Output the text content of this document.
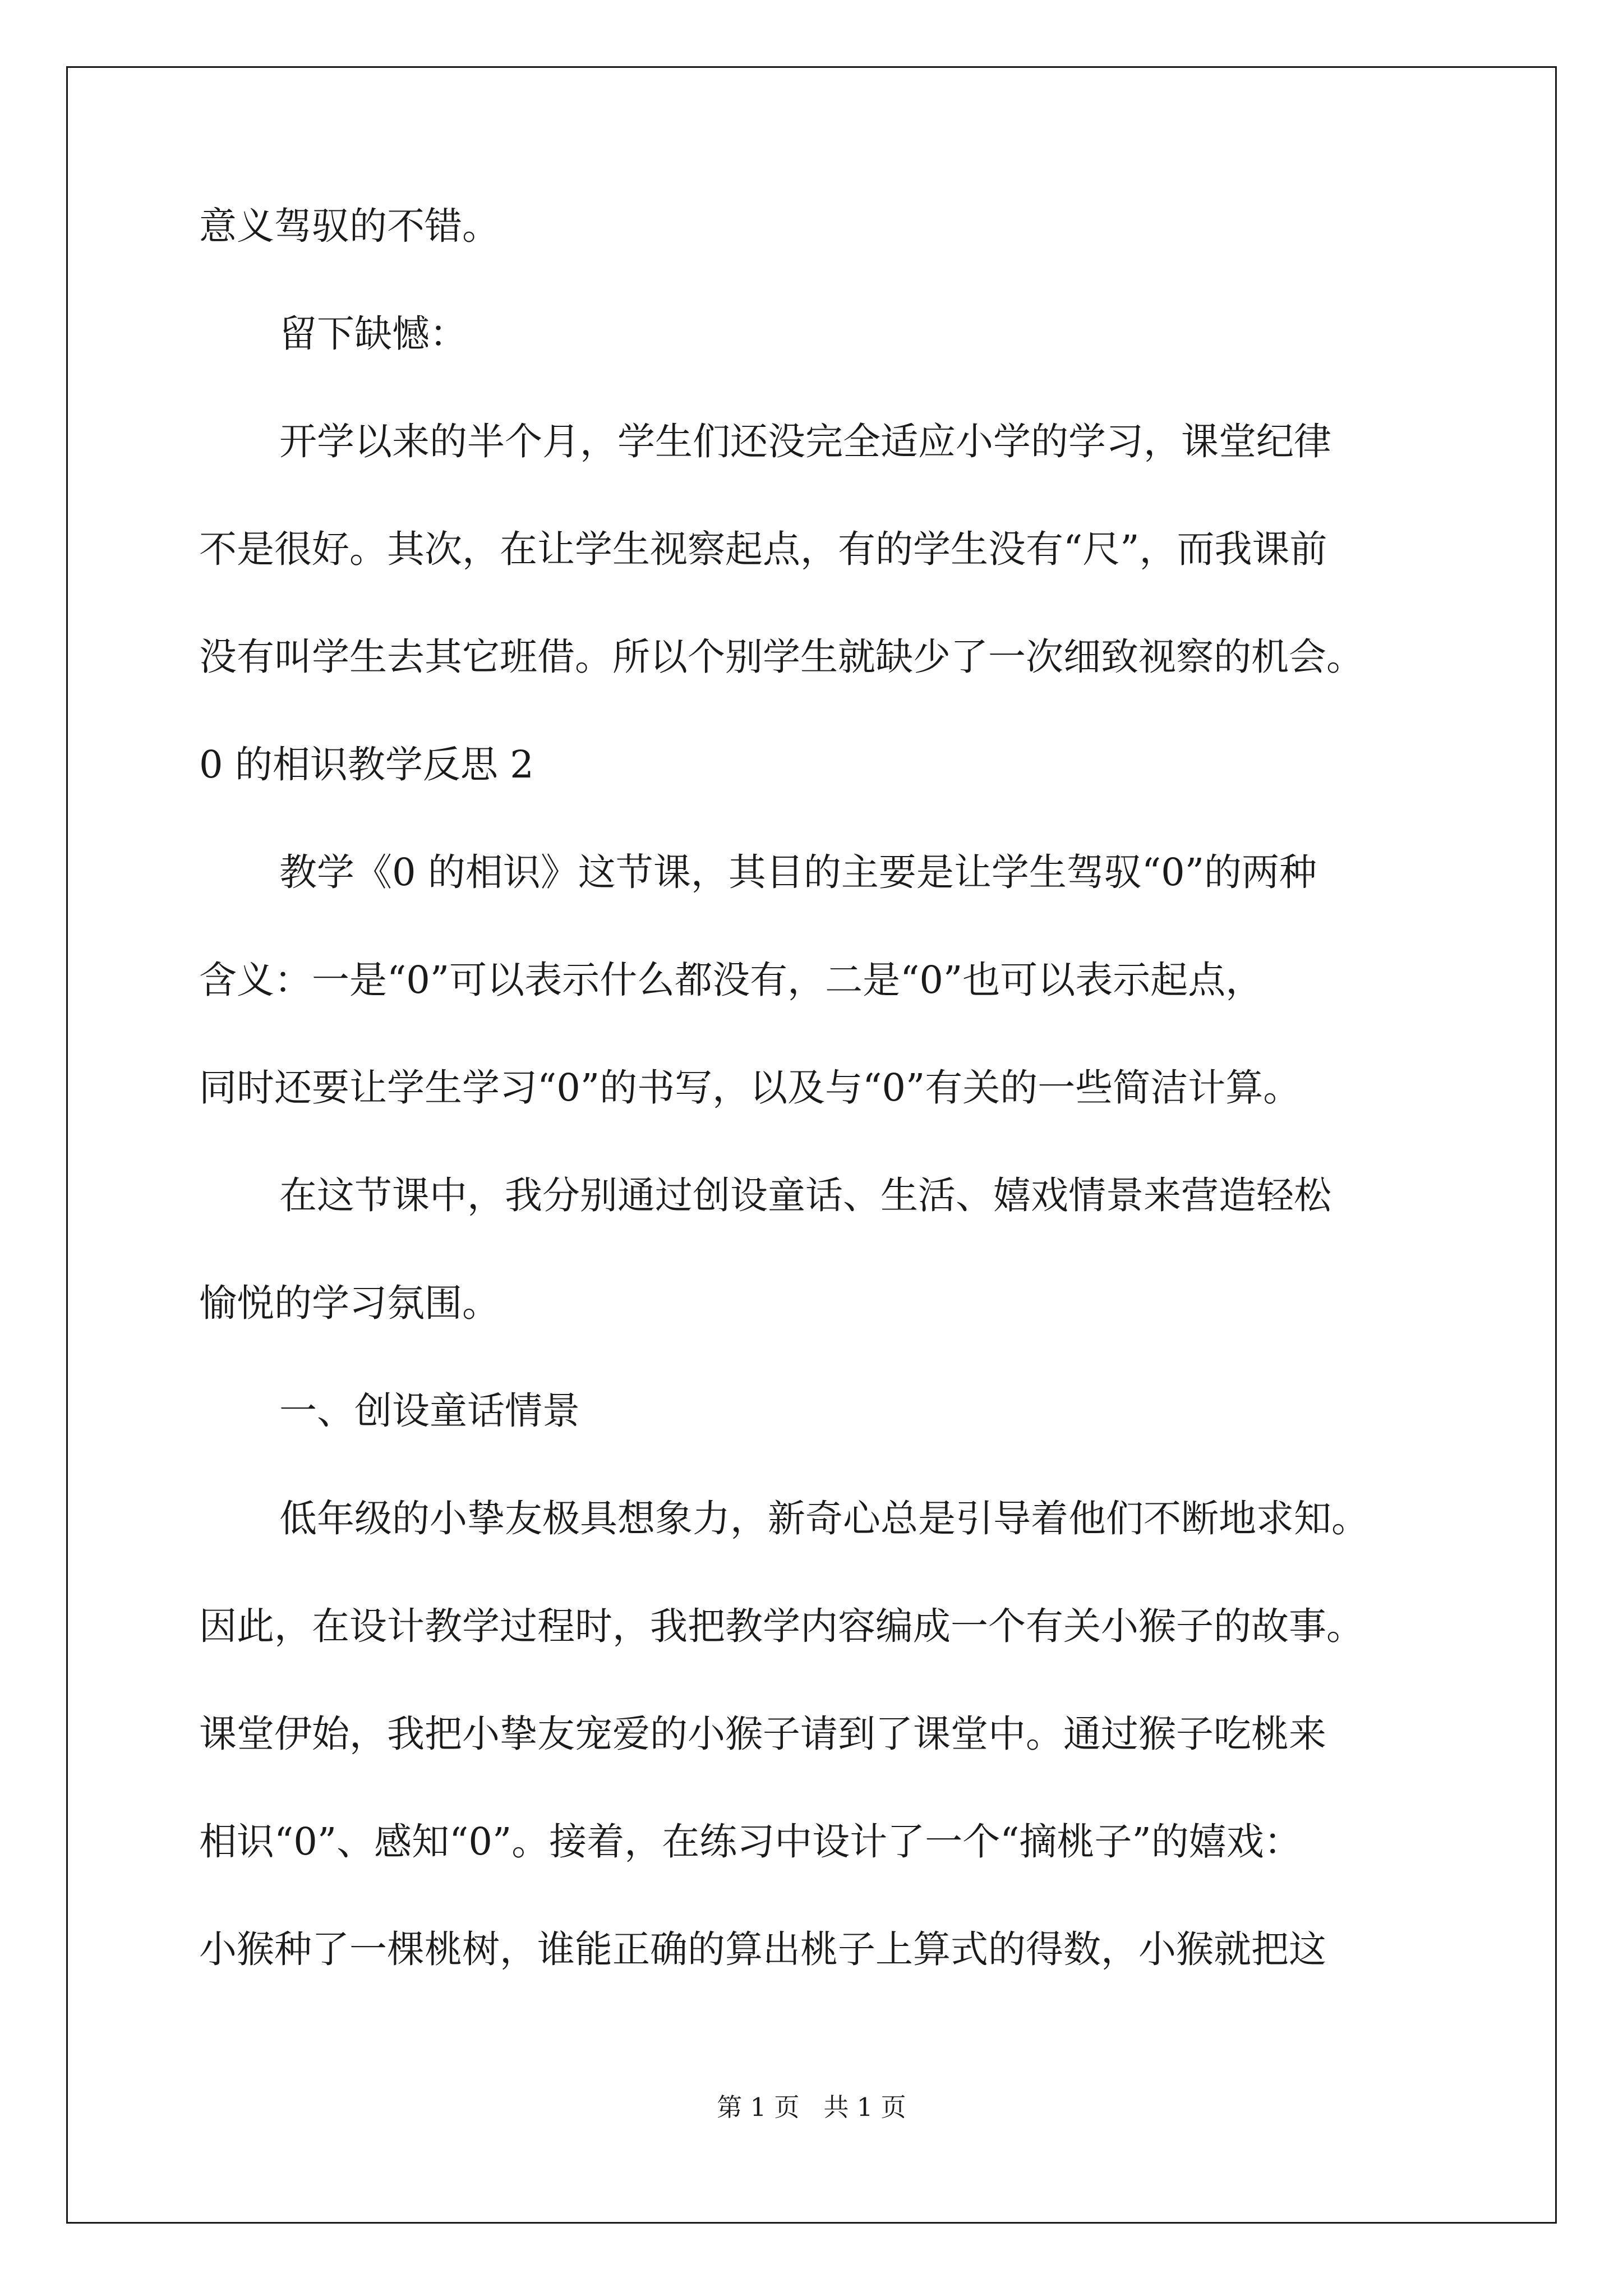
意义驾驭的不错。

留下缺憾：

开学以来的半个月，学生们还没完全适应小学的学习，课堂纪律

不是很好。其次，在让学生视察起点，有的学生没有“尺”，而我课前

没有叫学生去其它班借。所以个别学生就缺少了一次细致视察的机会。

0 的相识教学反思 2

教学《0 的相识》这节课，其目的主要是让学生驾驭“0”的两种

含义：一是“0”可以表示什么都没有，二是“0”也可以表示起点，

同时还要让学生学习“0”的书写，以及与“0”有关的一些简洁计算。

在这节课中，我分别通过创设童话、生活、嬉戏情景来营造轻松

愉悦的学习氛围。

一、创设童话情景

低年级的小挚友极具想象力，新奇心总是引导着他们不断地求知。

因此，在设计教学过程时，我把教学内容编成一个有关小猴子的故事。

课堂伊始，我把小挚友宠爱的小猴子请到了课堂中。通过猴子吃桃来

相识“0”、感知“0”。接着，在练习中设计了一个“摘桃子”的嬉戏：

小猴种了一棵桃树，谁能正确的算出桃子上算式的得数，小猴就把这

第 1 页   共 1 页
